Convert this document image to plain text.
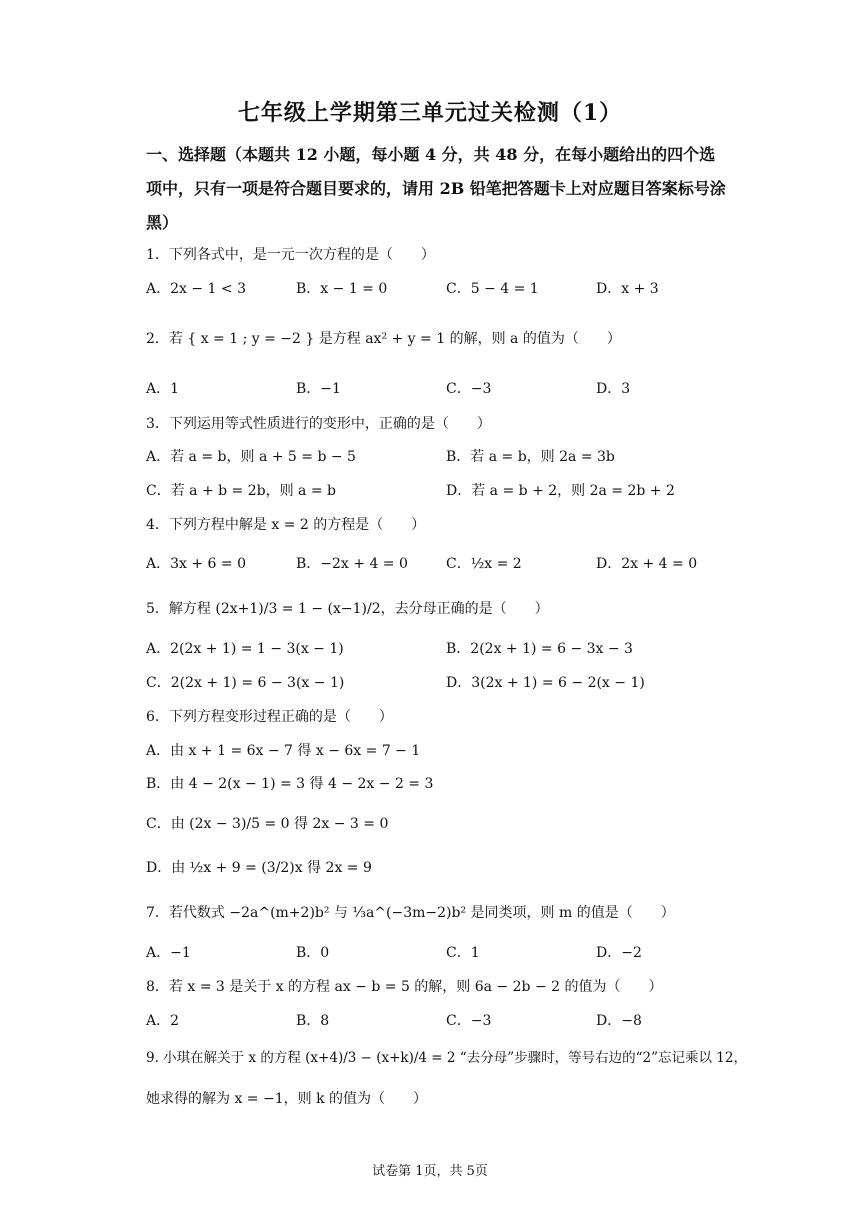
七年级上学期第三单元过关检测（1）
一、选择题（本题共 12 小题，每小题 4 分，共 48 分，在每小题给出的四个选项中，只有一项是符合题目要求的，请用 2B 铅笔把答题卡上对应题目答案标号涂黑）
1．下列各式中，是一元一次方程的是（　　）
A．2x − 1 < 3	B．x − 1 = 0	C．5 − 4 = 1	D．x + 3
2．若 { x = 1 ; y = −2 } 是方程 ax² + y = 1 的解，则 a 的值为（　　）
A．1	B．−1	C．−3	D．3
3．下列运用等式性质进行的变形中，正确的是（　　）
A．若 a = b，则 a + 5 = b − 5	B．若 a = b，则 2a = 3b
C．若 a + b = 2b，则 a = b	D．若 a = b + 2，则 2a = 2b + 2
4．下列方程中解是 x = 2 的方程是（　　）
A．3x + 6 = 0	B．−2x + 4 = 0	C．½x = 2	D．2x + 4 = 0
5．解方程 (2x+1)/3 = 1 − (x−1)/2，去分母正确的是（　　）
A．2(2x + 1) = 1 − 3(x − 1)	B．2(2x + 1) = 6 − 3x − 3
C．2(2x + 1) = 6 − 3(x − 1)	D．3(2x + 1) = 6 − 2(x − 1)
6．下列方程变形过程正确的是（　　）
A．由 x + 1 = 6x − 7 得 x − 6x = 7 − 1
B．由 4 − 2(x − 1) = 3 得 4 − 2x − 2 = 3
C．由 (2x − 3)/5 = 0 得 2x − 3 = 0
D．由 ½x + 9 = (3/2)x 得 2x = 9
7．若代数式 −2a^(m+2)b² 与 ⅓a^(−3m−2)b² 是同类项，则 m 的值是（　　）
A．−1	B．0	C．1	D．−2
8．若 x = 3 是关于 x 的方程 ax − b = 5 的解，则 6a − 2b − 2 的值为（　　）
A．2	B．8	C．−3	D．−8
9. 小琪在解关于 x 的方程 (x+4)/3 − (x+k)/4 = 2 “去分母”步骤时，等号右边的“2”忘记乘以 12，
她求得的解为 x = −1，则 k 的值为（　　）
试卷第 1页，共 5页
